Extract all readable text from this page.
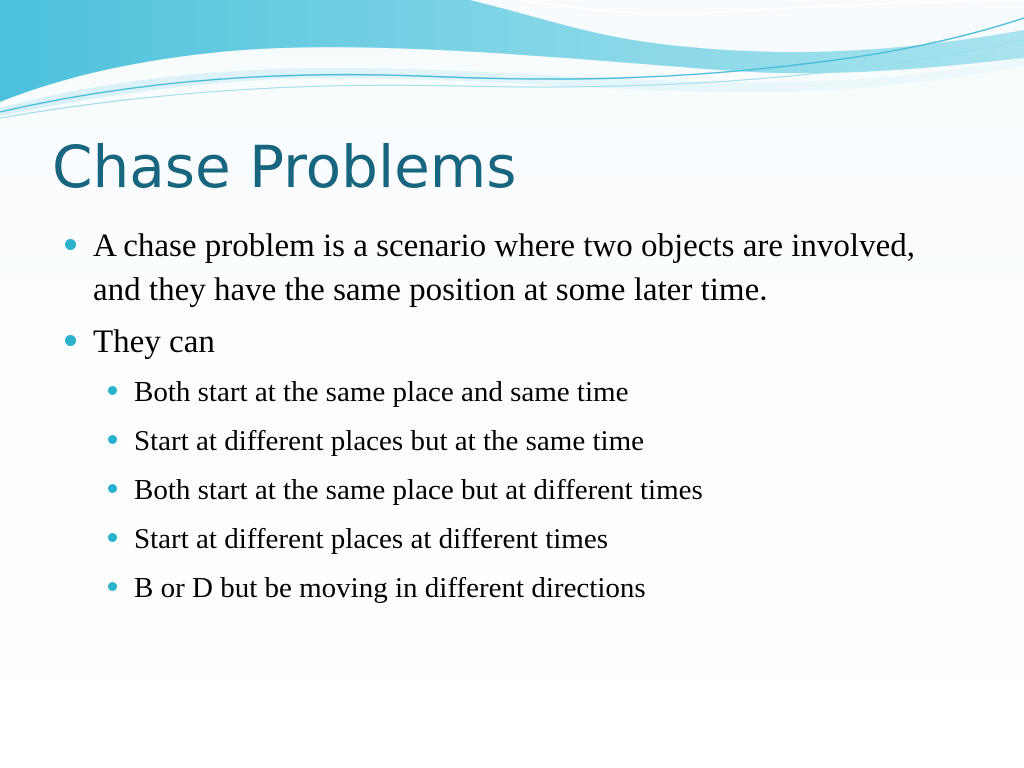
Chase Problems
A chase problem is a scenario where two objects are involved, and they have the same position at some later time.
They can
Both start at the same place and same time
Start at different places but at the same time
Both start at the same place but at different times
Start at different places at different times
B or D but be moving in different directions
